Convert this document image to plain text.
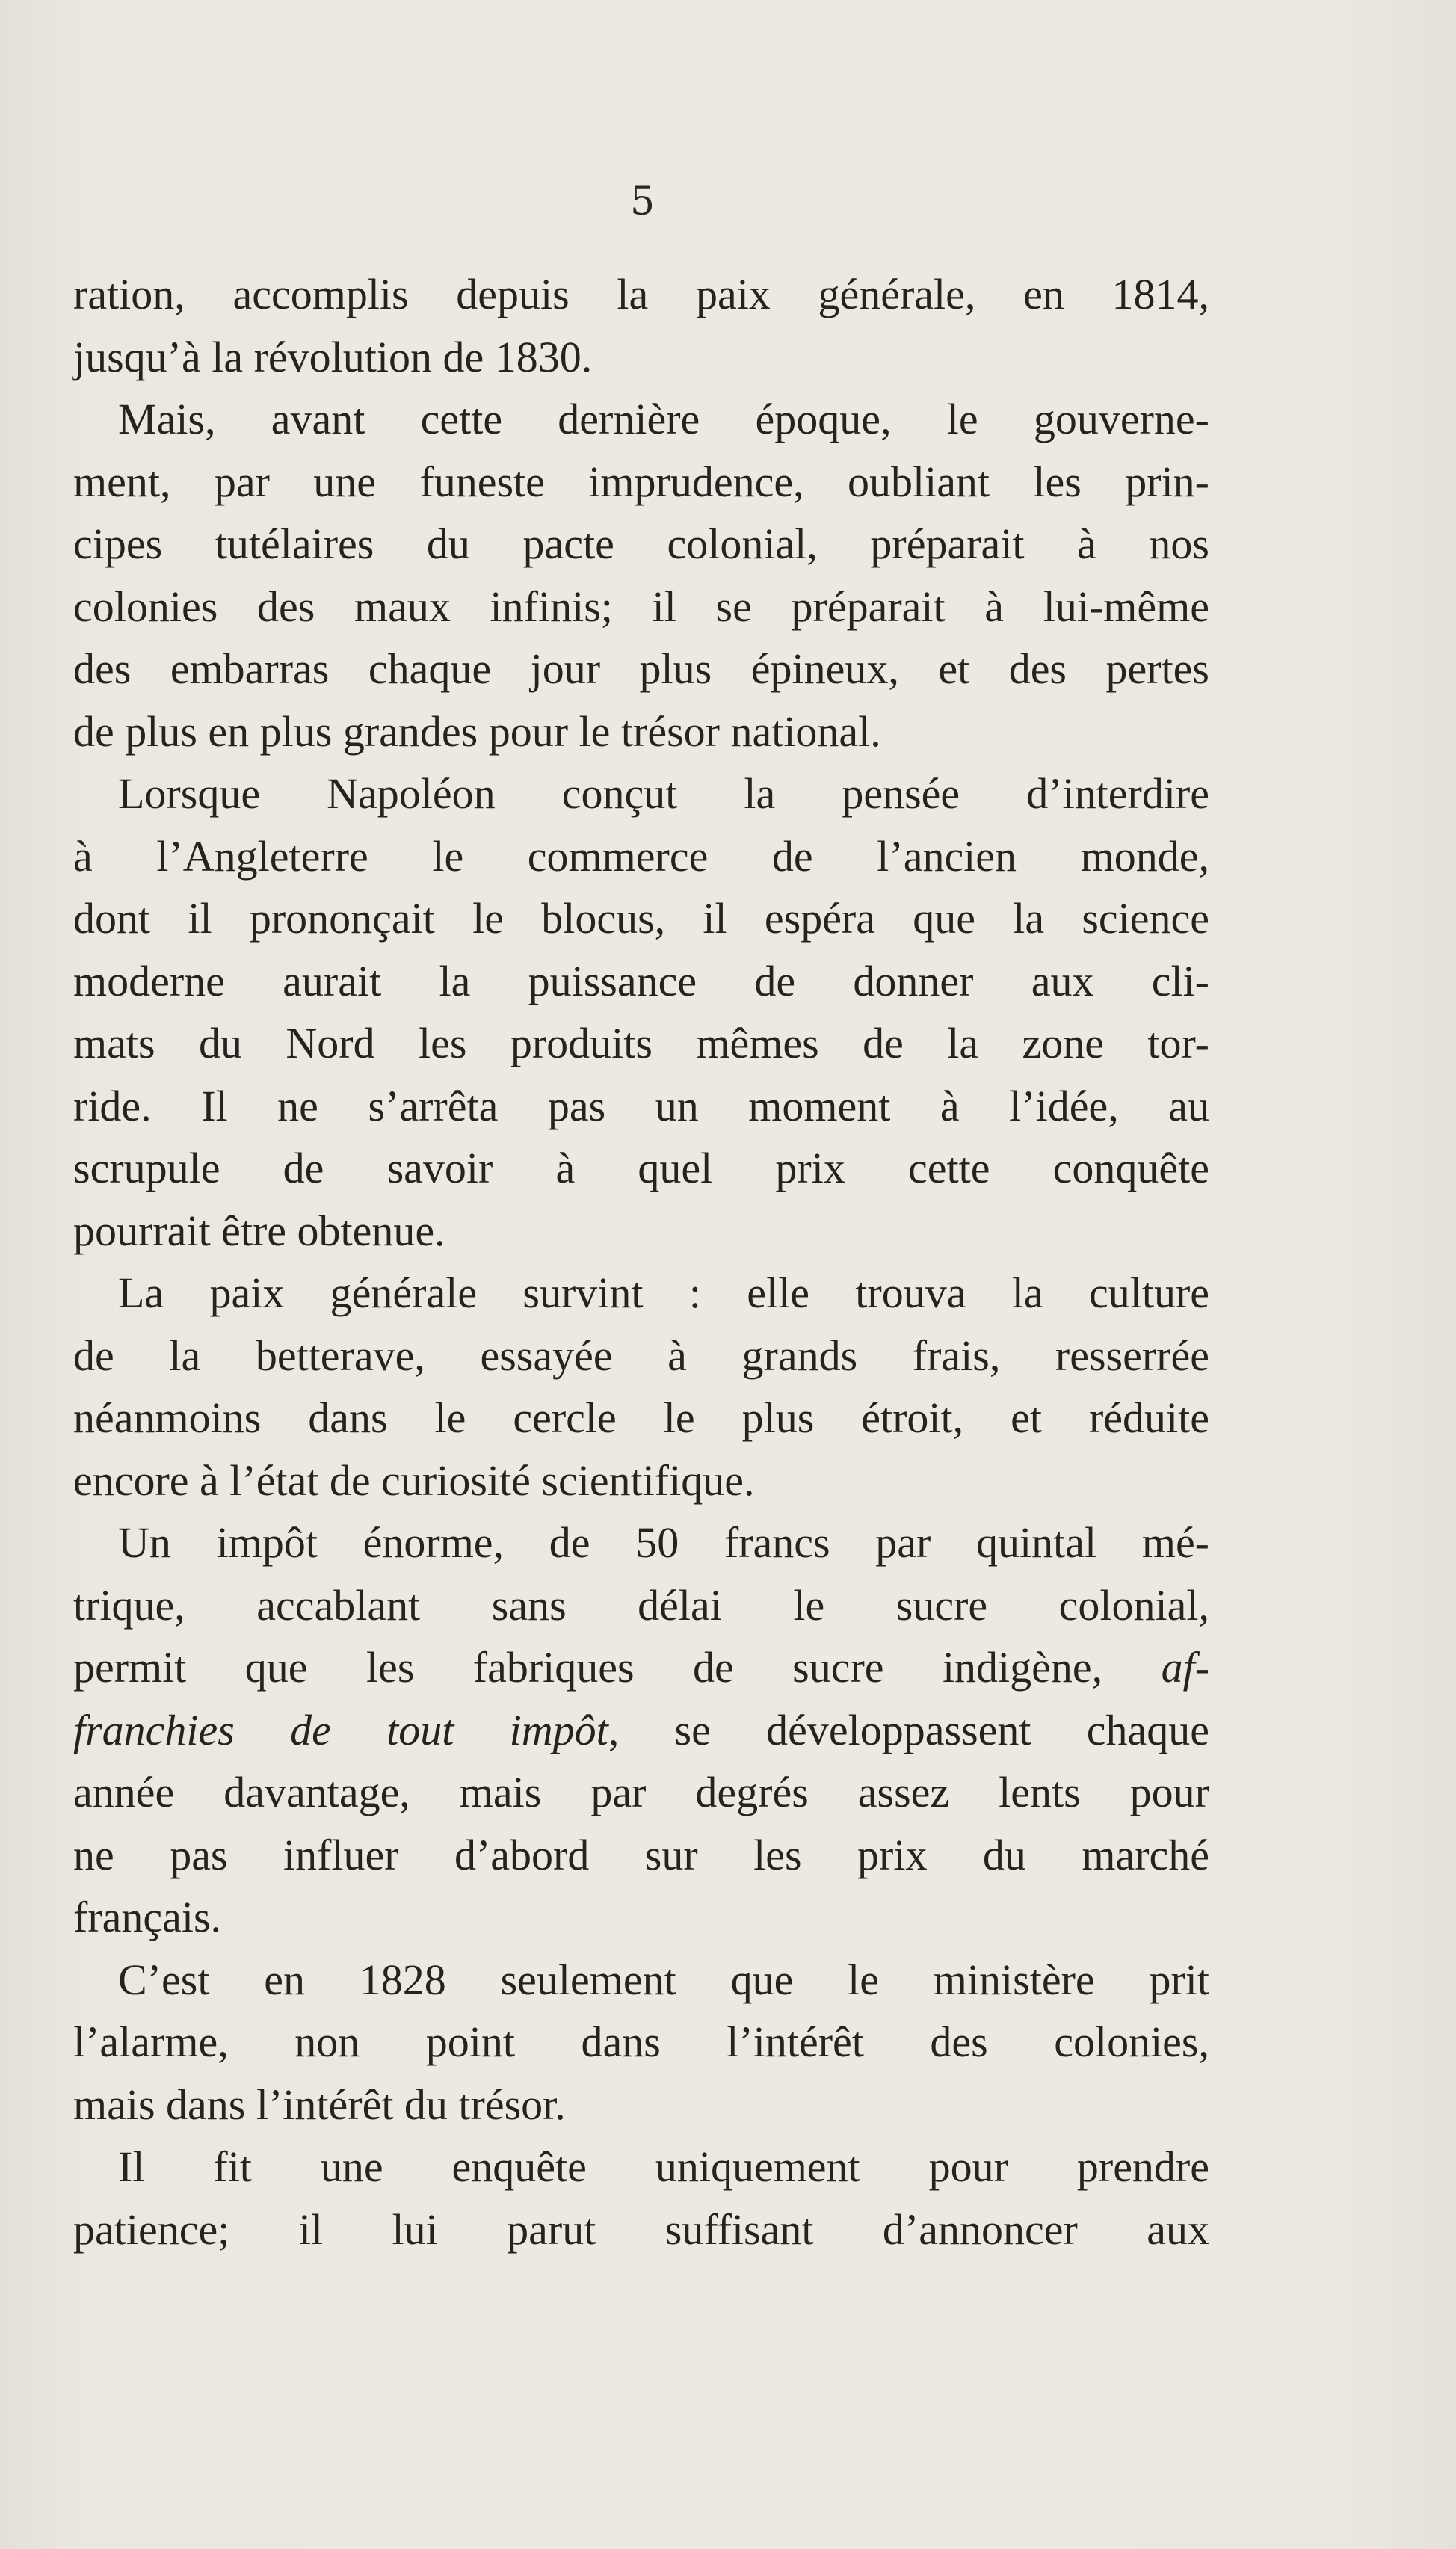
5
ration, accomplis depuis la paix générale, en 1814,
jusqu’à la révolution de 1830.
Mais, avant cette dernière époque, le gouverne-
ment, par une funeste imprudence, oubliant les prin-
cipes tutélaires du pacte colonial, préparait à nos
colonies des maux infinis; il se préparait à lui-même
des embarras chaque jour plus épineux, et des pertes
de plus en plus grandes pour le trésor national.
Lorsque Napoléon conçut la pensée d’interdire
à l’Angleterre le commerce de l’ancien monde,
dont il prononçait le blocus, il espéra que la science
moderne aurait la puissance de donner aux cli-
mats du Nord les produits mêmes de la zone tor-
ride. Il ne s’arrêta pas un moment à l’idée, au
scrupule de savoir à quel prix cette conquête
pourrait être obtenue.
La paix générale survint : elle trouva la culture
de la betterave, essayée à grands frais, resserrée
néanmoins dans le cercle le plus étroit, et réduite
encore à l’état de curiosité scientifique.
Un impôt énorme, de 50 francs par quintal mé-
trique, accablant sans délai le sucre colonial,
permit que les fabriques de sucre indigène, af-
franchies de tout impôt, se développassent chaque
année davantage, mais par degrés assez lents pour
ne pas influer d’abord sur les prix du marché
français.
C’est en 1828 seulement que le ministère prit
l’alarme, non point dans l’intérêt des colonies,
mais dans l’intérêt du trésor.
Il fit une enquête uniquement pour prendre
patience; il lui parut suffisant d’annoncer aux
